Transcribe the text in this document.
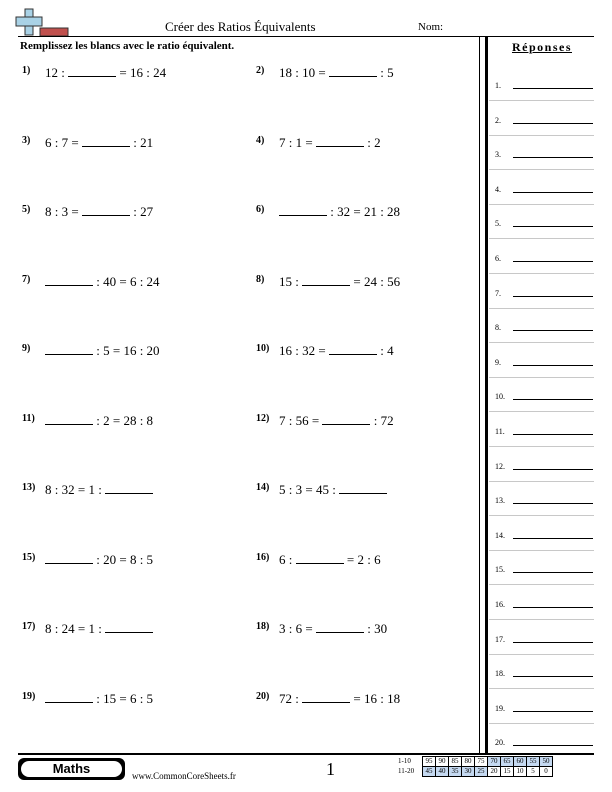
Créer des Ratios Équivalents	Nom:
Remplissez les blancs avec le ratio équivalent.	Réponses
1) 12 :	= 16 : 24	2) 18 : 10 =	: 5
3) 6 : 7 =	: 21	4) 7 : 1 =	: 2
5) 8 : 3 =	: 27	6)	: 32 = 21 : 28
7)	: 40 = 6 : 24	8) 15 :	= 24 : 56
9)	: 5 = 16 : 20	10) 16 : 32 =	: 4
11)	: 2 = 28 : 8	12) 7 : 56 =	: 72
13) 8 : 32 = 1 :	14) 5 : 3 = 45 :
15)	: 20 = 8 : 5	16) 6 :	= 2 : 6
17) 8 : 24 = 1 :	18) 3 : 6 =	: 30
19)	: 15 = 6 : 5	20) 72 :	= 16 : 18
1.
2.
3.
4.
5.
6.
7.
8.
9.
10.
11.
12.
13.
14.
15.
16.
17.
18.
19.
20.
Maths	www.CommonCoreSheets.fr	1	1-10	95	90	85	80	75	70	65	60	55	50
11-20	45	40	35	30	25	20	15	10	5	0
